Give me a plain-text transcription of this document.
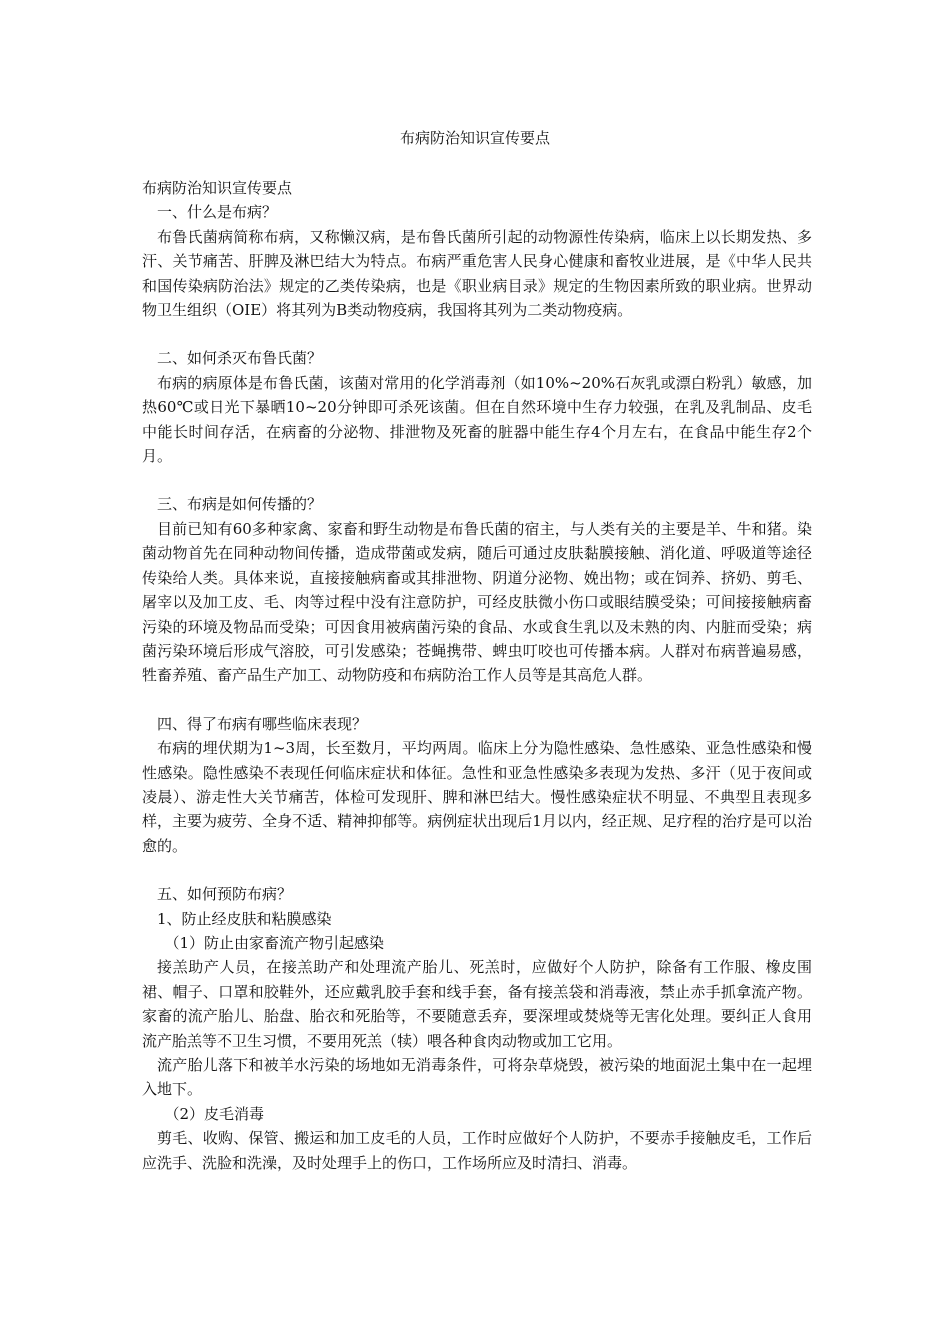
布病防治知识宣传要点

布病防治知识宣传要点

一、什么是布病？

布鲁氏菌病简称布病，又称懒汉病，是布鲁氏菌所引起的动物源性传染病，临床上以长期发热、多汗、关节痛苦、肝脾及淋巴结大为特点。布病严重危害人民身心健康和畜牧业进展，是《中华人民共和国传染病防治法》规定的乙类传染病，也是《职业病目录》规定的生物因素所致的职业病。世界动物卫生组织（OIE）将其列为B类动物疫病，我国将其列为二类动物疫病。

二、如何杀灭布鲁氏菌？

布病的病原体是布鲁氏菌，该菌对常用的化学消毒剂（如10%~20%石灰乳或漂白粉乳）敏感，加热60℃或日光下暴晒10~20分钟即可杀死该菌。但在自然环境中生存力较强，在乳及乳制品、皮毛中能长时间存活，在病畜的分泌物、排泄物及死畜的脏器中能生存4个月左右，在食品中能生存2个月。

三、布病是如何传播的？

目前已知有60多种家禽、家畜和野生动物是布鲁氏菌的宿主，与人类有关的主要是羊、牛和猪。染菌动物首先在同种动物间传播，造成带菌或发病，随后可通过皮肤黏膜接触、消化道、呼吸道等途径传染给人类。具体来说，直接接触病畜或其排泄物、阴道分泌物、娩出物；或在饲养、挤奶、剪毛、屠宰以及加工皮、毛、肉等过程中没有注意防护，可经皮肤微小伤口或眼结膜受染；可间接接触病畜污染的环境及物品而受染；可因食用被病菌污染的食品、水或食生乳以及未熟的肉、内脏而受染；病菌污染环境后形成气溶胶，可引发感染；苍蝇携带、蜱虫叮咬也可传播本病。人群对布病普遍易感，牲畜养殖、畜产品生产加工、动物防疫和布病防治工作人员等是其高危人群。

四、得了布病有哪些临床表现？

布病的埋伏期为1~3周，长至数月，平均两周。临床上分为隐性感染、急性感染、亚急性感染和慢性感染。隐性感染不表现任何临床症状和体征。急性和亚急性感染多表现为发热、多汗（见于夜间或凌晨）、游走性大关节痛苦，体检可发现肝、脾和淋巴结大。慢性感染症状不明显、不典型且表现多样，主要为疲劳、全身不适、精神抑郁等。病例症状出现后1月以内，经正规、足疗程的治疗是可以治愈的。

五、如何预防布病？

1、防止经皮肤和粘膜感染

（1）防止由家畜流产物引起感染

接羔助产人员，在接羔助产和处理流产胎儿、死羔时，应做好个人防护，除备有工作服、橡皮围裙、帽子、口罩和胶鞋外，还应戴乳胶手套和线手套，备有接羔袋和消毒液，禁止赤手抓拿流产物。家畜的流产胎儿、胎盘、胎衣和死胎等，不要随意丢弃，要深埋或焚烧等无害化处理。要纠正人食用流产胎羔等不卫生习惯，不要用死羔（犊）喂各种食肉动物或加工它用。

流产胎儿落下和被羊水污染的场地如无消毒条件，可将杂草烧毁，被污染的地面泥土集中在一起埋入地下。

（2）皮毛消毒

剪毛、收购、保管、搬运和加工皮毛的人员，工作时应做好个人防护，不要赤手接触皮毛，工作后应洗手、洗脸和洗澡，及时处理手上的伤口，工作场所应及时清扫、消毒。
